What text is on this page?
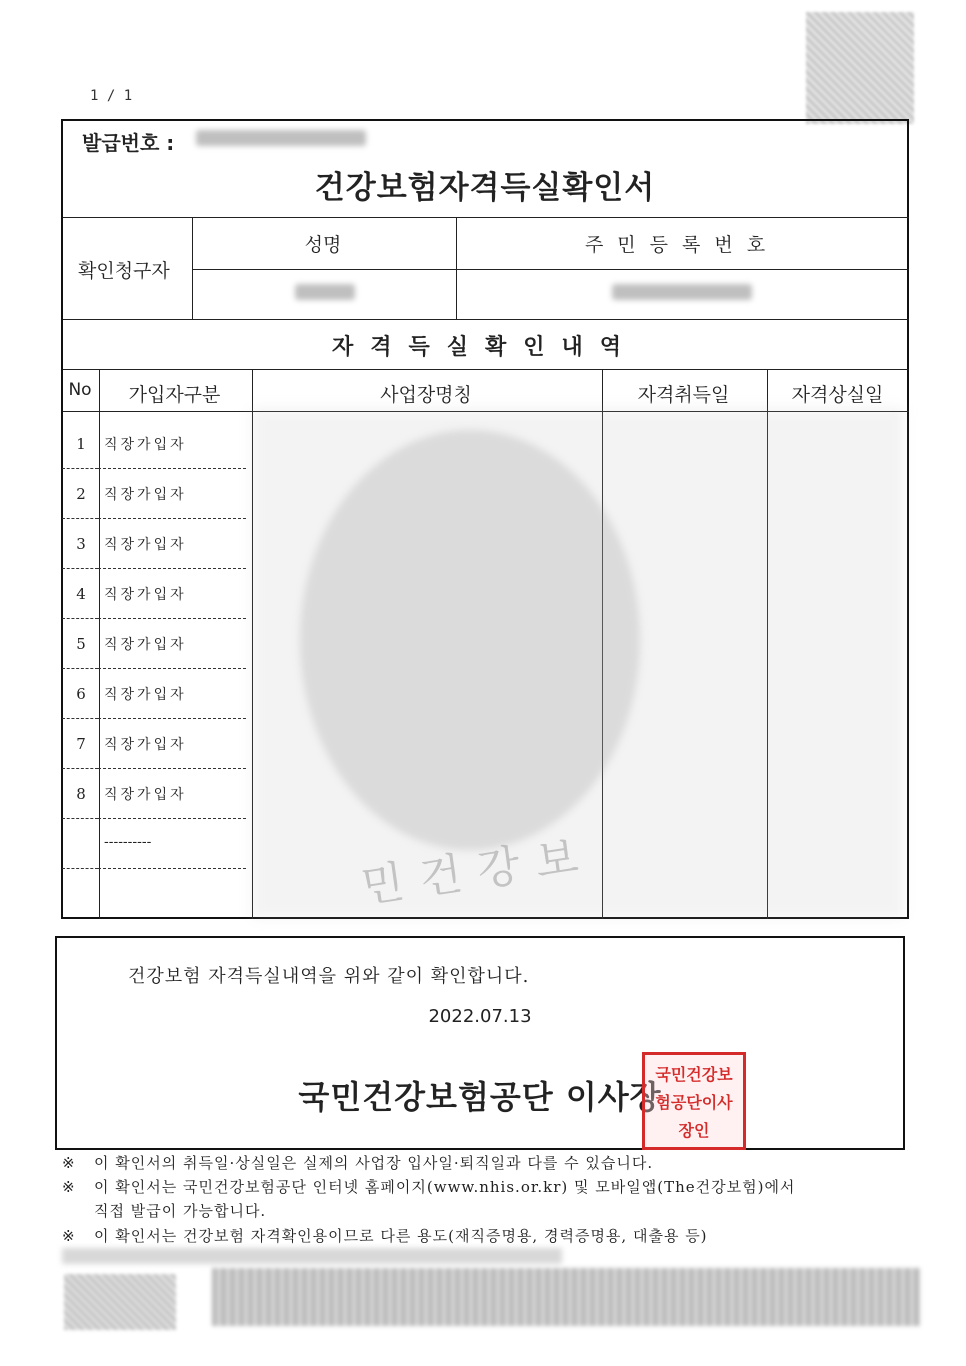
1 / 1
발급번호 :
건강보험자격득실확인서
확인청구자
성명	주민등록번호
자격득실확인내역
No	가입자구분	사업장명칭	자격취득일	자격상실일
민건강보
1	직장가입자
2	직장가입자
3	직장가입자
4	직장가입자
5	직장가입자
6	직장가입자
7	직장가입자
8	직장가입자
----------
건강보험 자격득실내역을 위와 같이 확인합니다.
2022.07.13
국민건강보험공단 이사장
국민건강보험공단이사장인
※ 이 확인서의 취득일·상실일은 실제의 사업장 입사일·퇴직일과 다를 수 있습니다.
※ 이 확인서는 국민건강보험공단 인터넷 홈페이지(www.nhis.or.kr) 및 모바일앱(The건강보험)에서
직접 발급이 가능합니다.
※ 이 확인서는 건강보험 자격확인용이므로 다른 용도(재직증명용, 경력증명용, 대출용 등)
